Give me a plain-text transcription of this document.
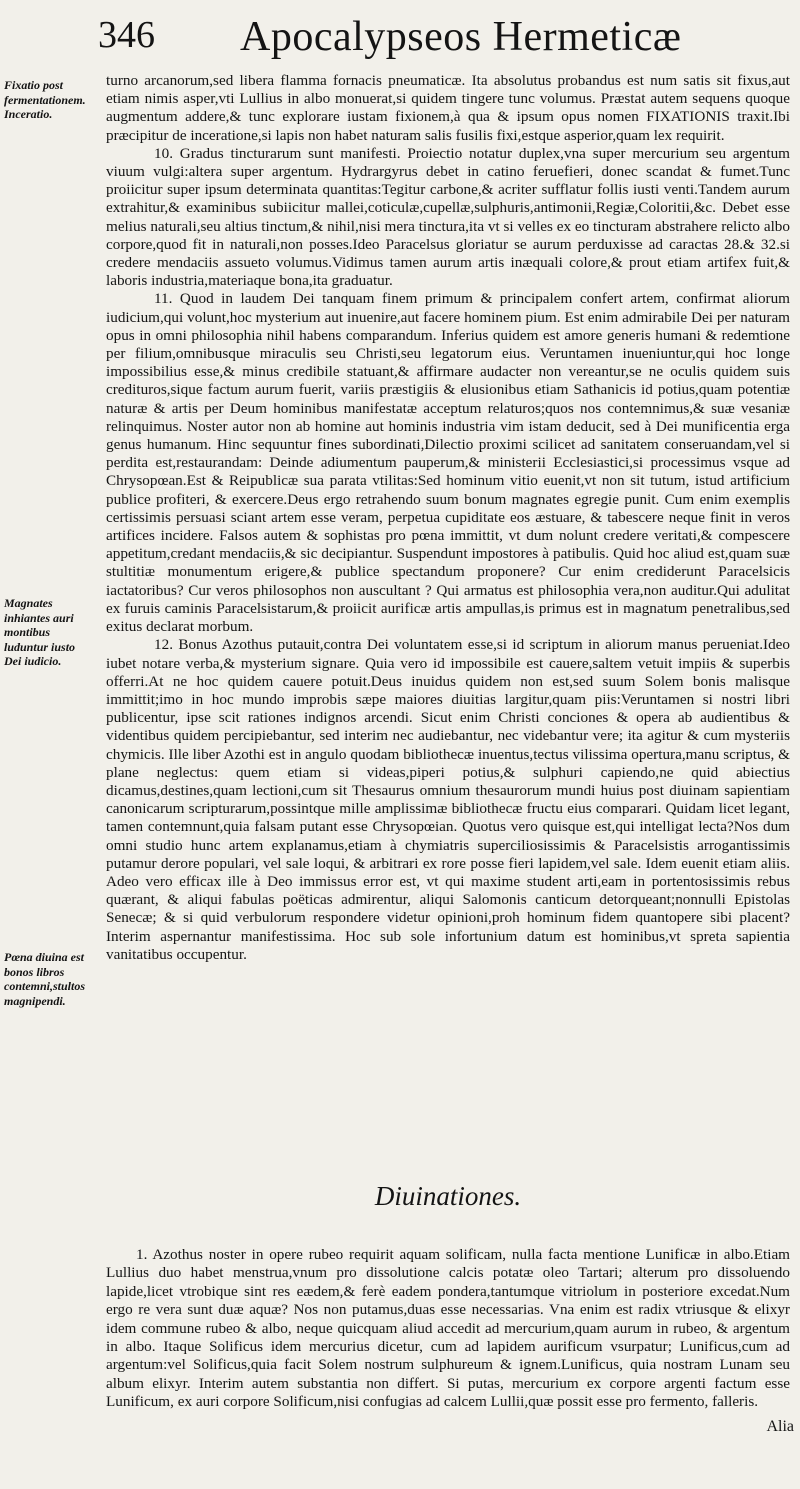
346 Apocalypseos Hermeticæ
Fixatio post fermentationem. Inceratio.
Magnates inhiantes auri montibus luduntur iusto Dei iudicio.
Pœna diuina est bonos libros contemni,stultos magnipendi.

turno arcanorum,sed libera flamma fornacis pneumaticæ. Ita absolutus probandus est num satis sit fixus,aut etiam nimis asper,vti Lullius in albo monuerat,si quidem tingere tunc volumus. Præstat autem sequens quoque augmentum addere,& tunc explorare iustam fixionem,à qua & ipsum opus nomen FIXATIONIS traxit.Ibi præcipitur de inceratione,si lapis non habet naturam salis fusilis fixi,estque asperior,quam lex requirit.

10. Gradus tincturarum sunt manifesti. Proiectio notatur duplex,vna super mercurium seu argentum viuum vulgi:altera super argentum. Hydrargyrus debet in catino feruefieri, donec scandat & fumet.Tunc proiicitur super ipsum determinata quantitas:Tegitur carbone,& acriter sufflatur follis iusti venti.Tandem aurum extrahitur,& examinibus subiicitur mallei,coticulæ,cupellæ,sulphuris,antimonii,Regiæ,Coloritii,&c. Debet esse melius naturali,seu altius tinctum,& nihil,nisi mera tinctura,ita vt si velles ex eo tincturam abstrahere relicto albo corpore,quod fit in naturali,non posses.Ideo Paracelsus gloriatur se aurum perduxisse ad caractas 28.& 32.si credere mendaciis assueto volumus.Vidimus tamen aurum artis inæquali colore,& prout etiam artifex fuit,& laboris industria,materiaque bona,ita graduatur.

11. Quod in laudem Dei tanquam finem primum & principalem confert artem, confirmat aliorum iudicium,qui volunt,hoc mysterium aut inuenire,aut facere hominem pium. Est enim admirabile Dei per naturam opus in omni philosophia nihil habens comparandum. Inferius quidem est amore generis humani & redemtione per filium,omnibusque miraculis seu Christi,seu legatorum eius. Veruntamen inueniuntur,qui hoc longe impossibilius esse,& minus credibile statuant,& affirmare audacter non vereantur,se ne oculis quidem suis credituros,sique factum aurum fuerit, variis præstigiis & elusionibus etiam Sathanicis id potius,quam potentiæ naturæ & artis per Deum hominibus manifestatæ acceptum relaturos;quos nos contemnimus,& suæ vesaniæ relinquimus. Noster autor non ab homine aut hominis industria vim istam deducit, sed à Dei munificentia erga genus humanum. Hinc sequuntur fines subordinati,Dilectio proximi scilicet ad sanitatem conseruandam,vel si perdita est,restaurandam: Deinde adiumentum pauperum,& ministerii Ecclesiastici,si processimus vsque ad Chrysopœan.Est & Reipublicæ sua parata vtilitas:Sed hominum vitio euenit,vt non sit tutum, istud artificium publice profiteri, & exercere.Deus ergo retrahendo suum bonum magnates egregie punit. Cum enim exemplis certissimis persuasi sciant artem esse veram, perpetua cupiditate eos æstuare, & tabescere neque finit in veros artifices incidere. Falsos autem & sophistas pro pœna immittit, vt dum nolunt credere veritati,& compescere appetitum,credant mendaciis,& sic decipiantur. Suspendunt impostores à patibulis. Quid hoc aliud est,quam suæ stultitiæ monumentum erigere,& publice spectandum proponere? Cur enim crediderunt Paracelsicis iactatoribus? Cur veros philosophos non auscultant ? Qui armatus est philosophia vera,non auditur.Qui adulitat ex furuis caminis Paracelsistarum,& proiicit aurificæ artis ampullas,is primus est in magnatum penetralibus,sed exitus declarat morbum.

12. Bonus Azothus putauit,contra Dei voluntatem esse,si id scriptum in aliorum manus perueniat.Ideo iubet notare verba,& mysterium signare. Quia vero id impossibile est cauere,saltem vetuit impiis & superbis offerri.At ne hoc quidem cauere potuit.Deus inuidus quidem non est,sed suum Solem bonis malisque immittit;imo in hoc mundo improbis sæpe maiores diuitias largitur,quam piis:Veruntamen si nostri libri publicentur, ipse scit rationes indignos arcendi. Sicut enim Christi conciones & opera ab audientibus & videntibus quidem percipiebantur, sed interim nec audiebantur, nec videbantur vere; ita agitur & cum mysteriis chymicis. Ille liber Azothi est in angulo quodam bibliothecæ inuentus,tectus vilissima opertura,manu scriptus, & plane neglectus: quem etiam si videas,piperi potius,& sulphuri capiendo,ne quid abiectius dicamus,destines,quam lectioni,cum sit Thesaurus omnium thesaurorum mundi huius post diuinam sapientiam canonicarum scripturarum,possintque mille amplissimæ bibliothecæ fructu eius comparari. Quidam licet legant, tamen contemnunt,quia falsam putant esse Chrysopœian. Quotus vero quisque est,qui intelligat lecta?Nos dum omni studio hunc artem explanamus,etiam à chymiatris superciliosissimis & Paracelsistis arrogantissimis putamur derore populari, vel sale loqui, & arbitrari ex rore posse fieri lapidem,vel sale. Idem euenit etiam aliis. Adeo vero efficax ille à Deo immissus error est, vt qui maxime student arti,eam in portentosissimis rebus quærant, & aliqui fabulas poëticas admirentur, aliqui Salomonis canticum detorqueant;nonnulli Epistolas Senecæ; & si quid verbulorum respondere videtur opinioni,proh hominum fidem quantopere sibi placent?Interim aspernantur manifestissima. Hoc sub sole infortunium datum est hominibus,vt spreta sapientia vanitatibus occupentur.

Diuinationes.

1. Azothus noster in opere rubeo requirit aquam solificam, nulla facta mentione Lunificæ in albo.Etiam Lullius duo habet menstrua,vnum pro dissolutione calcis potatæ oleo Tartari; alterum pro dissoluendo lapide,licet vtrobique sint res eædem,& ferè eadem pondera,tantumque vitriolum in posteriore excedat.Num ergo re vera sunt duæ aquæ? Nos non putamus,duas esse necessarias. Vna enim est radix vtriusque & elixyr idem commune rubeo & albo, neque quicquam aliud accedit ad mercurium,quam aurum in rubeo, & argentum in albo. Itaque Solificus idem mercurius dicetur, cum ad lapidem aurificum vsurpatur; Lunificus,cum ad argentum:vel Solificus,quia facit Solem nostrum sulphureum & ignem.Lunificus, quia nostram Lunam seu album elixyr. Interim autem substantia non differt. Si putas, mercurium ex corpore argenti factum esse Lunificum, ex auri corpore Solificum,nisi confugias ad calcem Lullii,quæ possit esse pro fermento, falleris.

Alia
